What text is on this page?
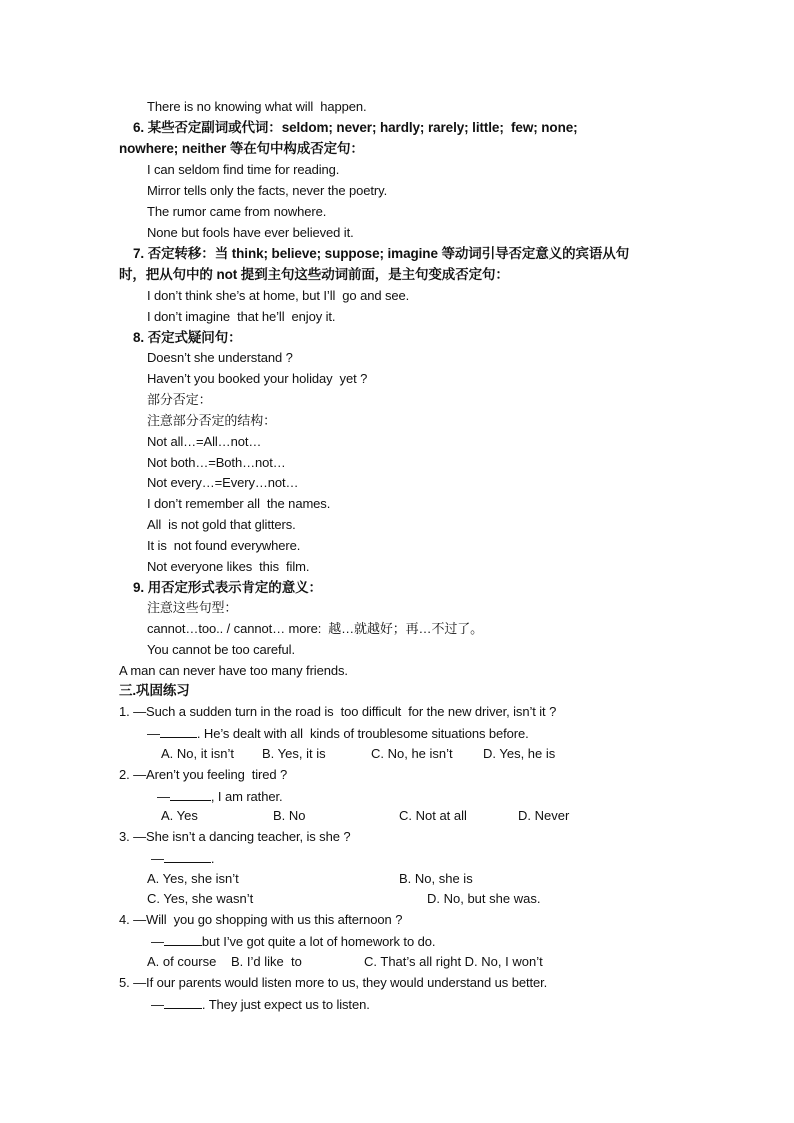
There is no knowing what will  happen.
6. 某些否定副词或代词：seldom; never; hardly; rarely; little;  few; none;
nowhere; neither 等在句中构成否定句：
I can seldom find time for reading.
Mirror tells only the facts, never the poetry.
The rumor came from nowhere.
None but fools have ever believed it.
7. 否定转移：当 think; believe; suppose; imagine 等动词引导否定意义的宾语从句
时，把从句中的 not 提到主句这些动词前面，是主句变成否定句：
I don’t think she’s at home, but I’ll  go and see.
I don’t imagine  that he’ll  enjoy it.
8. 否定式疑问句：
Doesn’t she understand ?
Haven’t you booked your holiday  yet ?
部分否定：
注意部分否定的结构：
Not all…=All…not…
Not both…=Both…not…
Not every…=Every…not…
I don’t remember all  the names.
All  is not gold that glitters.
It is  not found everywhere.
Not everyone likes  this  film.
9. 用否定形式表示肯定的意义：
注意这些句型：
cannot…too.. / cannot… more:  越…就越好；再…不过了。
You cannot be too careful.
A man can never have too many friends.
三.巩固练习
1. —Such a sudden turn in the road is  too difficult  for the new driver, isn’t it ?
—	. He’s dealt with all  kinds of troublesome situations before.
A. No, it isn’t B. Yes, it is	C. No, he isn’t D. Yes, he is
2. —Aren’t you feeling  tired ?
—	, I am rather.
A. Yes	B. No	C. Not at all	D. Never
3. —She isn’t a dancing teacher, is she ?
—	.
A. Yes, she isn’t	B. No, she is
C. Yes, she wasn’t	D. No, but she was.
4. —Will  you go shopping with us this afternoon ?
—	but I’ve got quite a lot of homework to do.
A. of course B. I’d like  to	C. That’s all right D. No, I won’t
5. —If our parents would listen more to us, they would understand us better.
—	. They just expect us to listen.
